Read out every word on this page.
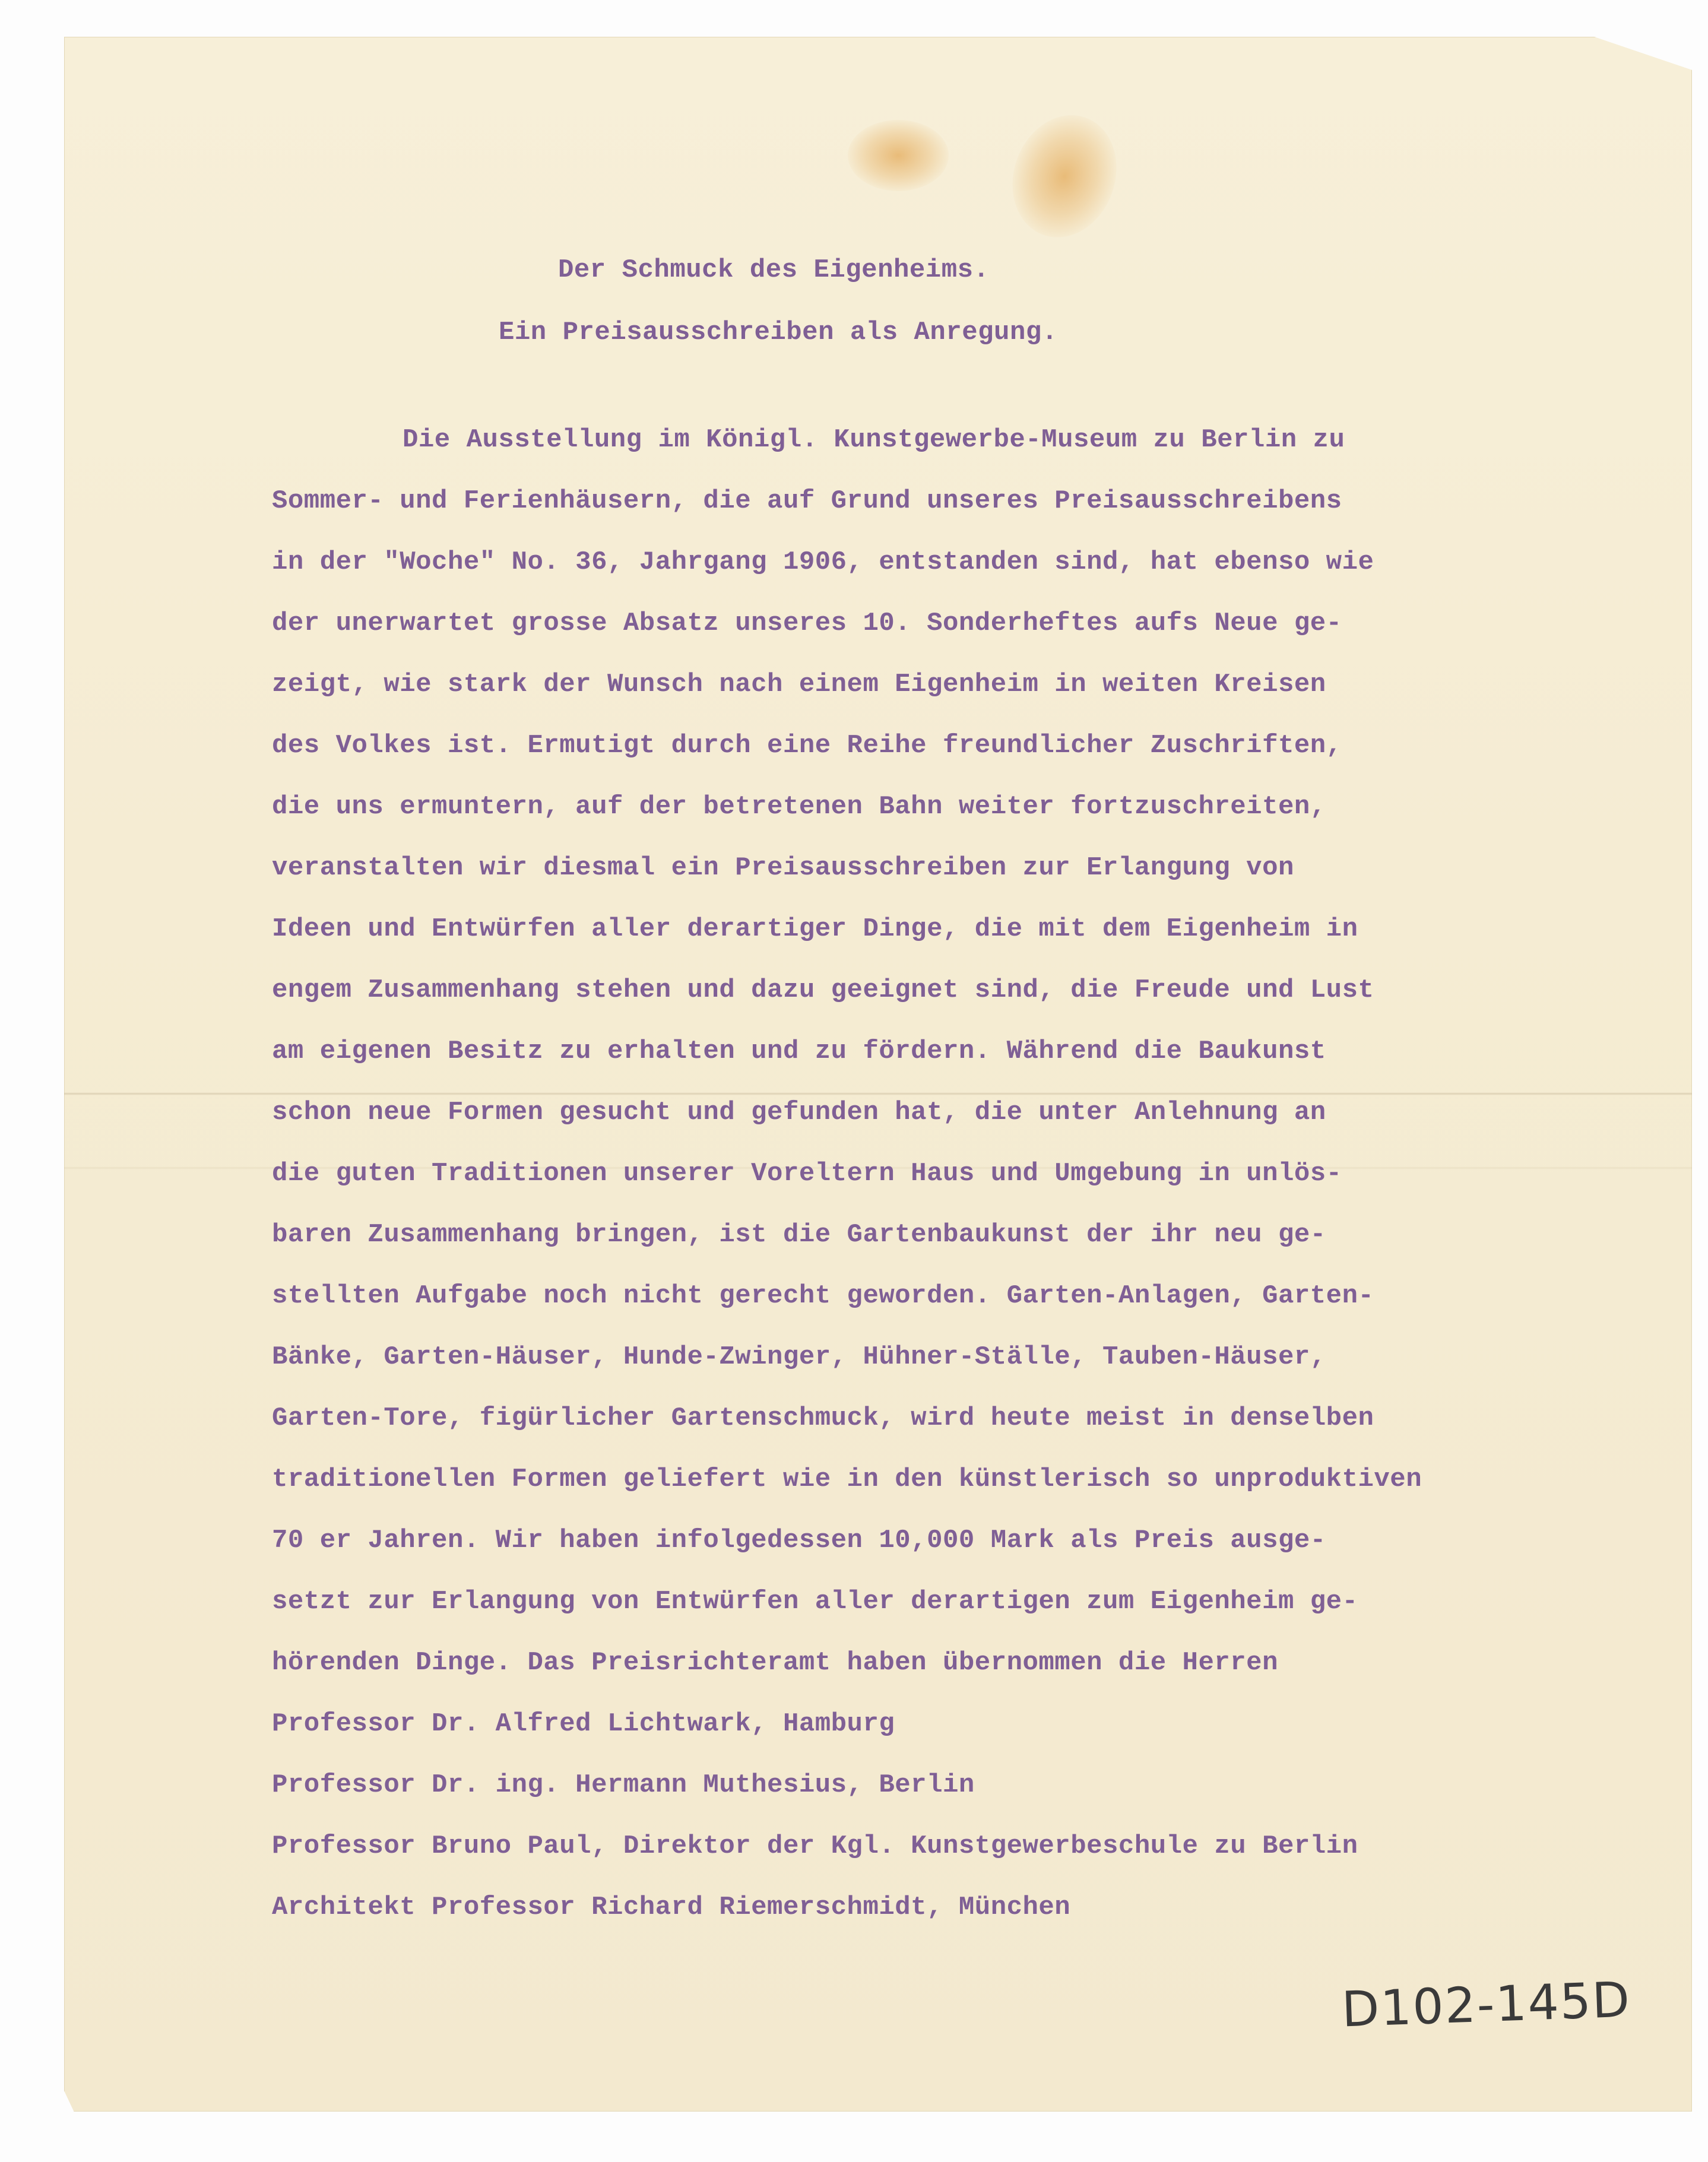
Der Schmuck des Eigenheims.

Ein Preisausschreiben als Anregung.

Die Ausstellung im Königl. Kunstgewerbe-Museum zu Berlin zu
Sommer- und Ferienhäusern, die auf Grund unseres Preisausschreibens
in der "Woche" No. 36, Jahrgang 1906, entstanden sind, hat ebenso wie
der unerwartet grosse Absatz unseres 10. Sonderheftes aufs Neue ge-
zeigt, wie stark der Wunsch nach einem Eigenheim in weiten Kreisen
des Volkes ist. Ermutigt durch eine Reihe freundlicher Zuschriften,
die uns ermuntern, auf der betretenen Bahn weiter fortzuschreiten,
veranstalten wir diesmal ein Preisausschreiben zur Erlangung von
Ideen und Entwürfen aller derartiger Dinge, die mit dem Eigenheim in
engem Zusammenhang stehen und dazu geeignet sind, die Freude und Lust
am eigenen Besitz zu erhalten und zu fördern. Während die Baukunst
schon neue Formen gesucht und gefunden hat, die unter Anlehnung an
die guten Traditionen unserer Voreltern Haus und Umgebung in unlös-
baren Zusammenhang bringen, ist die Gartenbaukunst der ihr neu ge-
stellten Aufgabe noch nicht gerecht geworden. Garten-Anlagen, Garten-
Bänke, Garten-Häuser, Hunde-Zwinger, Hühner-Ställe, Tauben-Häuser,
Garten-Tore, figürlicher Gartenschmuck, wird heute meist in denselben
traditionellen Formen geliefert wie in den künstlerisch so unproduktiven
70 er Jahren. Wir haben infolgedessen 10,000 Mark als Preis ausge-
setzt zur Erlangung von Entwürfen aller derartigen zum Eigenheim ge-
hörenden Dinge. Das Preisrichteramt haben übernommen die Herren
Professor Dr. Alfred Lichtwark, Hamburg
Professor Dr. ing. Hermann Muthesius, Berlin
Professor Bruno Paul, Direktor der Kgl. Kunstgewerbeschule zu Berlin
Architekt Professor Richard Riemerschmidt, München
D102-145D
